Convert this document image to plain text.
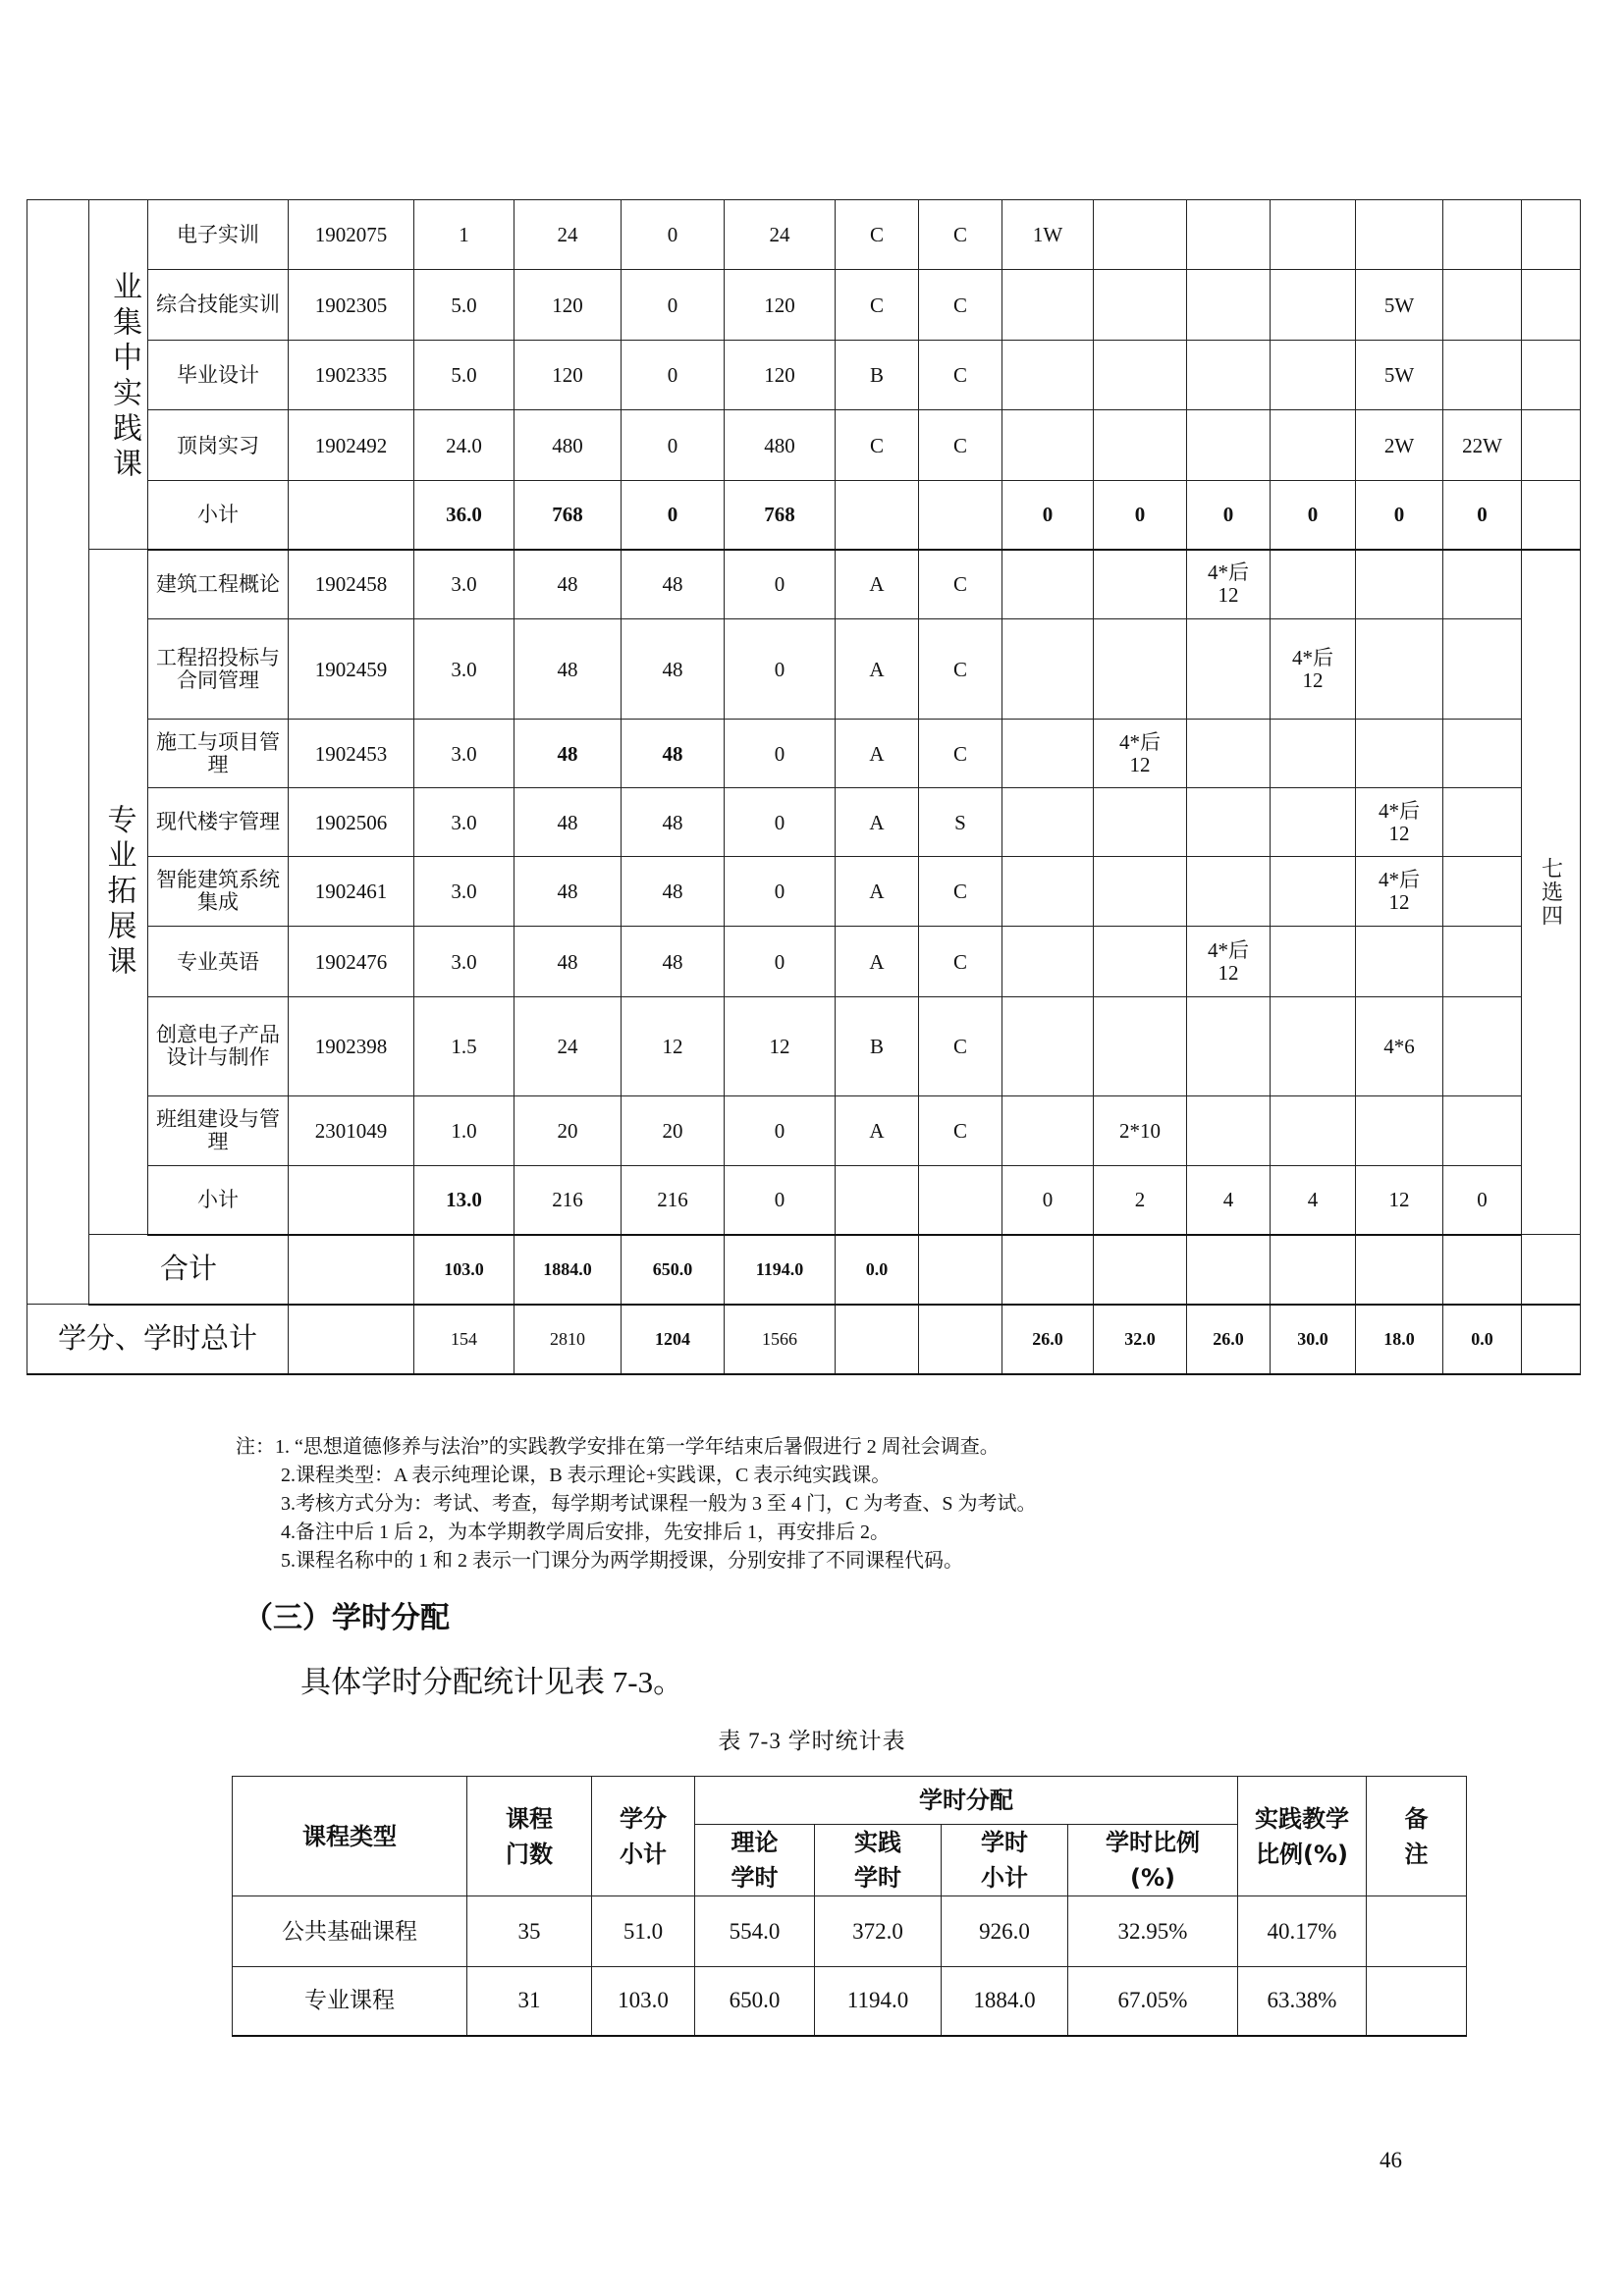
	业集中实践课	电子实训	1902075	1	24	0	24	C	C	1W							
		综合技能实训	1902305	5.0	120	0	120	C	C					5W			
		毕业设计	1902335	5.0	120	0	120	B	C					5W			
		顶岗实习	1902492	24.0	480	0	480	C	C					2W	22W		
		小计		36.0	768	0	768			0	0	0	0	0	0		
	专业拓展课	建筑工程概论	1902458	3.0	48	48	0	A	C			4*后12				七选四	
		工程招投标与合同管理	1902459	3.0	48	48	0	A	C				4*后12				
		施工与项目管理	1902453	3.0	48	48	0	A	C		4*后12						
		现代楼宇管理	1902506	3.0	48	48	0	A	S					4*后12			
		智能建筑系统集成	1902461	3.0	48	48	0	A	C					4*后12			
		专业英语	1902476	3.0	48	48	0	A	C			4*后12					
		创意电子产品设计与制作	1902398	1.5	24	12	12	B	C					4*6			
		班组建设与管理	2301049	1.0	20	20	0	A	C		2*10						
		小计		13.0	216	216	0			0	2	4	4	12	0		
	合计			103.0	1884.0	650.0	1194.0	0.0									
学分、学时总计				154	2810	1204	1566			26.0	32.0	26.0	30.0	18.0	0.0		
注：1. “思想道德修养与法治”的实践教学安排在第一学年结束后暑假进行 2 周社会调查。
2.课程类型：A 表示纯理论课，B 表示理论+实践课，C 表示纯实践课。
3.考核方式分为：考试、考查，每学期考试课程一般为 3 至 4 门，C 为考查、S 为考试。
4.备注中后 1 后 2，为本学期教学周后安排，先安排后 1，再安排后 2。
5.课程名称中的 1 和 2 表示一门课分为两学期授课，分别安排了不同课程代码。
（三）学时分配
具体学时分配统计见表 7-3。
表 7-3 学时统计表
课程类型	课程门数	学分小计	学时分配				实践教学比例(%)	备注
			理论学时	实践学时	学时小计	学时比例(%)		
公共基础课程	35	51.0	554.0	372.0	926.0	32.95%	40.17%	
专业课程	31	103.0	650.0	1194.0	1884.0	67.05%	63.38%	
46
